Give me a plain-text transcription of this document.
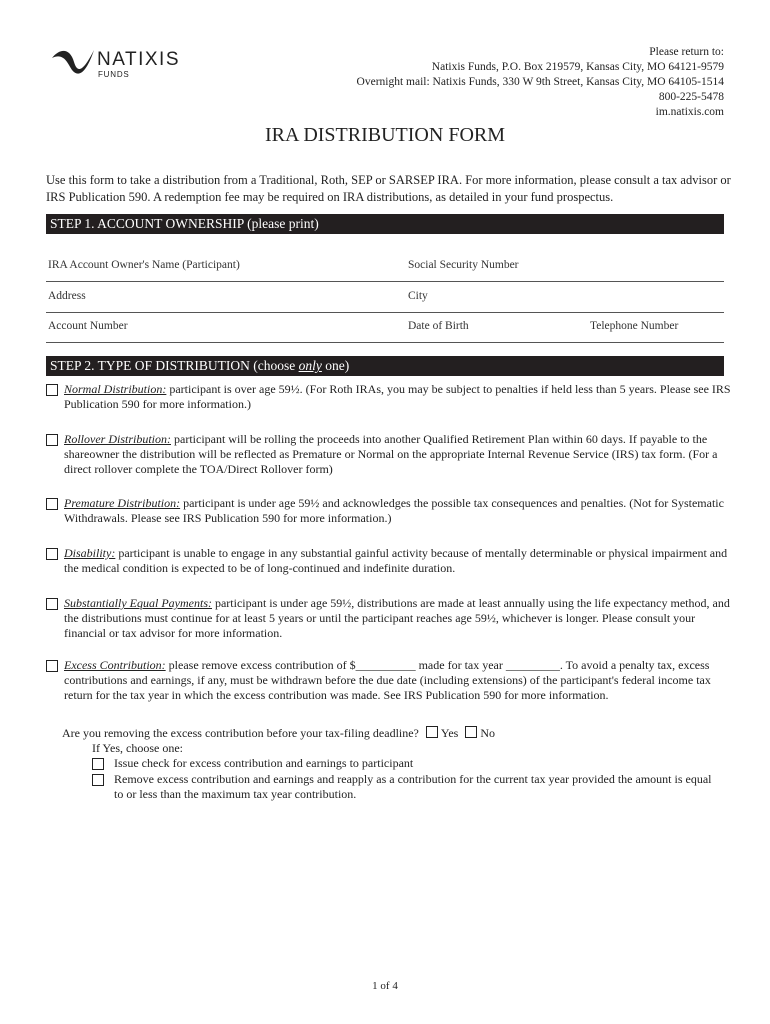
NATIXIS
FUNDS
Please return to:
Natixis Funds, P.O. Box 219579, Kansas City, MO 64121-9579
Overnight mail: Natixis Funds, 330 W 9th Street, Kansas City, MO 64105-1514
800-225-5478
im.natixis.com
IRA DISTRIBUTION FORM
Use this form to take a distribution from a Traditional, Roth, SEP or SARSEP IRA. For more information, please consult a tax advisor or IRS Publication 590. A redemption fee may be required on IRA distributions, as detailed in your fund prospectus.
STEP 1. ACCOUNT OWNERSHIP (please print)
IRA Account Owner's Name (Participant)	Social Security Number
Address	City
Account Number	Date of Birth	Telephone Number
STEP 2. TYPE OF DISTRIBUTION (choose only one)
Normal Distribution: participant is over age 59½. (For Roth IRAs, you may be subject to penalties if held less than 5 years. Please see IRS Publication 590 for more information.)
Rollover Distribution: participant will be rolling the proceeds into another Qualified Retirement Plan within 60 days. If payable to the shareowner the distribution will be reflected as Premature or Normal on the appropriate Internal Revenue Service (IRS) tax form. (For a direct rollover complete the TOA/Direct Rollover form)
Premature Distribution: participant is under age 59½ and acknowledges the possible tax consequences and penalties. (Not for Systematic Withdrawals. Please see IRS Publication 590 for more information.)
Disability: participant is unable to engage in any substantial gainful activity because of mentally determinable or physical impairment and the medical condition is expected to be of long-continued and indefinite duration.
Substantially Equal Payments: participant is under age 59½, distributions are made at least annually using the life expectancy method, and the distributions must continue for at least 5 years or until the participant reaches age 59½, whichever is longer. Please consult your financial or tax advisor for more information.
Excess Contribution: please remove excess contribution of $__________ made for tax year _________. To avoid a penalty tax, excess contributions and earnings, if any, must be withdrawn before the due date (including extensions) of the participant's federal income tax return for the tax year in which the excess contribution was made. See IRS Publication 590 for more information.
Are you removing the excess contribution before your tax-filing deadline? Yes No
If Yes, choose one:
Issue check for excess contribution and earnings to participant
Remove excess contribution and earnings and reapply as a contribution for the current tax year provided the amount is equal to or less than the maximum tax year contribution.
1 of 4
